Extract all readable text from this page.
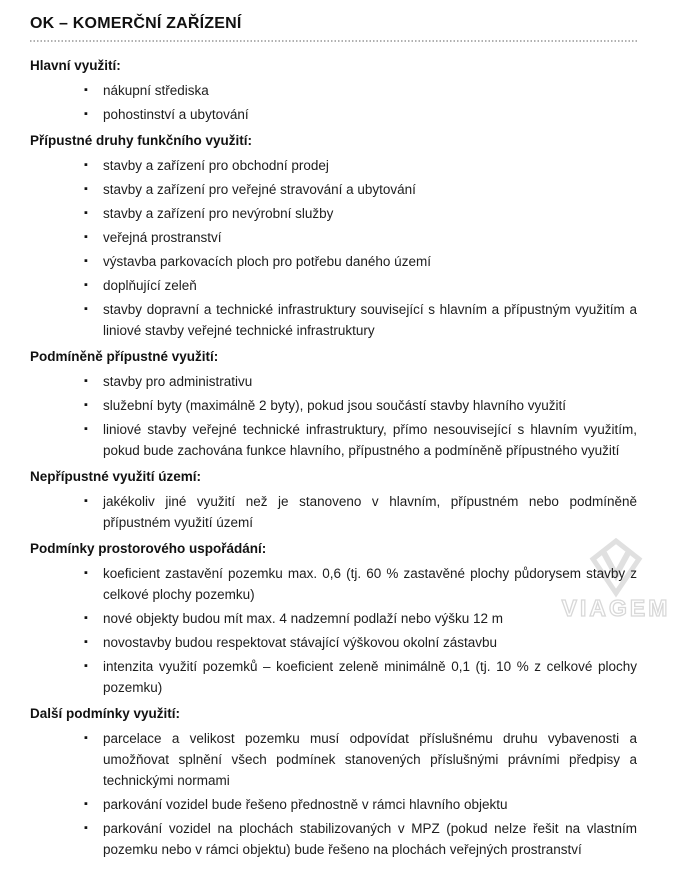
VIAGEM
OK – KOMERČNÍ ZAŘÍZENÍ
Hlavní využití:
▪ nákupní střediska
▪ pohostinství a ubytování
Přípustné druhy funkčního využití:
▪ stavby a zařízení pro obchodní prodej
▪ stavby a zařízení pro veřejné stravování a ubytování
▪ stavby a zařízení pro nevýrobní služby
▪ veřejná prostranství
▪ výstavba parkovacích ploch pro potřebu daného území
▪ doplňující zeleň
▪ stavby dopravní a technické infrastruktury související s hlavním a přípustným využitím a liniové stavby veřejné technické infrastruktury
Podmíněně přípustné využití:
▪ stavby pro administrativu
▪ služební byty (maximálně 2 byty), pokud jsou součástí stavby hlavního využití
▪ liniové stavby veřejné technické infrastruktury, přímo nesouvisející s hlavním využitím, pokud bude zachována funkce hlavního, přípustného a podmíněně přípustného využití
Nepřípustné využití území:
▪ jakékoliv jiné využití než je stanoveno v hlavním, přípustném nebo podmíněně přípustném využití území
Podmínky prostorového uspořádání:
▪ koeficient zastavění pozemku max. 0,6 (tj. 60 % zastavěné plochy půdorysem stavby z celkové plochy pozemku)
▪ nové objekty budou mít max. 4 nadzemní podlaží nebo výšku 12 m
▪ novostavby budou respektovat stávající výškovou okolní zástavbu
▪ intenzita využití pozemků – koeficient zeleně minimálně 0,1 (tj. 10 % z celkové plochy pozemku)
Další podmínky využití:
▪ parcelace a velikost pozemku musí odpovídat příslušnému druhu vybavenosti a umožňovat splnění všech podmínek stanovených příslušnými právními předpisy a technickými normami
▪ parkování vozidel bude řešeno přednostně v rámci hlavního objektu
▪ parkování vozidel na plochách stabilizovaných v MPZ (pokud nelze řešit na vlastním pozemku nebo v rámci objektu) bude řešeno na plochách veřejných prostranství
